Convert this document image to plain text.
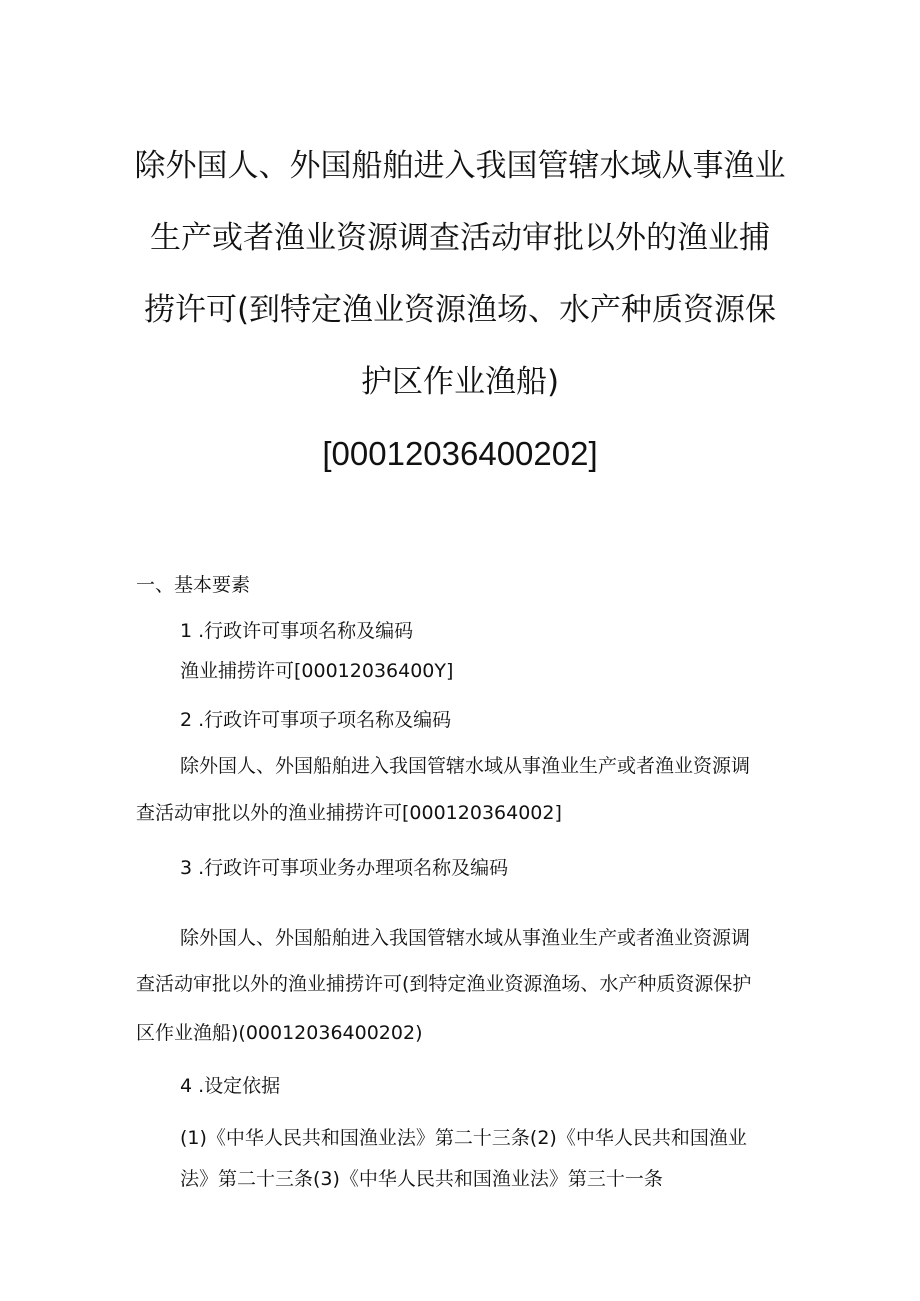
除外国人、外国船舶进入我国管辖水域从事渔业
生产或者渔业资源调查活动审批以外的渔业捕
捞许可(到特定渔业资源渔场、水产种质资源保
护区作业渔船)
[00012036400202]
一、基本要素
1 .行政许可事项名称及编码
渔业捕捞许可[00012036400Y]
2 .行政许可事项子项名称及编码
除外国人、外国船舶进入我国管辖水域从事渔业生产或者渔业资源调
查活动审批以外的渔业捕捞许可[000120364002]
3 .行政许可事项业务办理项名称及编码
除外国人、外国船舶进入我国管辖水域从事渔业生产或者渔业资源调
查活动审批以外的渔业捕捞许可(到特定渔业资源渔场、水产种质资源保护
区作业渔船)(00012036400202)
4 .设定依据
(1)《中华人民共和国渔业法》第二十三条(2)《中华人民共和国渔业
法》第二十三条(3)《中华人民共和国渔业法》第三十一条
